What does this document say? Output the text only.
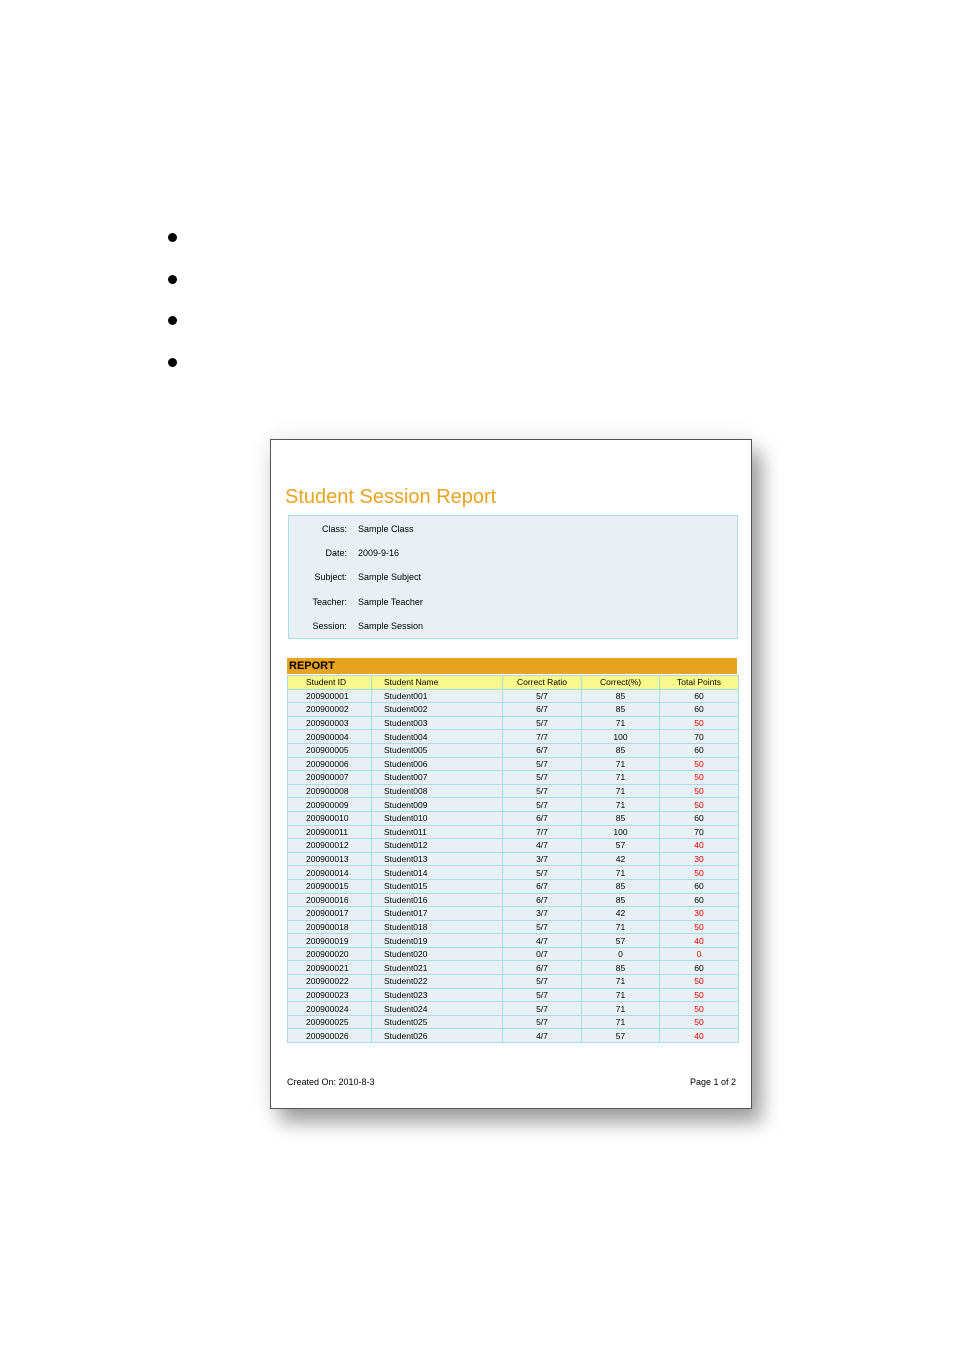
Student Session Report
Class: Sample Class
Date: 2009-9-16
Subject: Sample Subject
Teacher: Sample Teacher
Session: Sample Session
REPORT
Student ID	Student Name	Correct Ratio	Correct(%)	Total Points
200900001	Student001	5/7	85	60
200900002	Student002	6/7	85	60
200900003	Student003	5/7	71	50
200900004	Student004	7/7	100	70
200900005	Student005	6/7	85	60
200900006	Student006	5/7	71	50
200900007	Student007	5/7	71	50
200900008	Student008	5/7	71	50
200900009	Student009	5/7	71	50
200900010	Student010	6/7	85	60
200900011	Student011	7/7	100	70
200900012	Student012	4/7	57	40
200900013	Student013	3/7	42	30
200900014	Student014	5/7	71	50
200900015	Student015	6/7	85	60
200900016	Student016	6/7	85	60
200900017	Student017	3/7	42	30
200900018	Student018	5/7	71	50
200900019	Student019	4/7	57	40
200900020	Student020	0/7	0	0
200900021	Student021	6/7	85	60
200900022	Student022	5/7	71	50
200900023	Student023	5/7	71	50
200900024	Student024	5/7	71	50
200900025	Student025	5/7	71	50
200900026	Student026	4/7	57	40
Created On: 2010-8-3	Page 1 of 2
